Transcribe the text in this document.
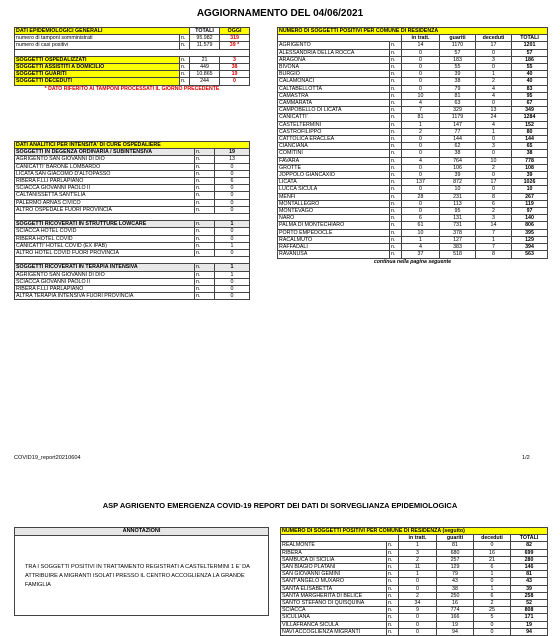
AGGIORNAMENTO DEL 04/06/2021
DATI EPIDEMIOLOGICI GENERALI		TOTALI	OGGI
numero di tamponi somministrati	n.	95.982	319
numero di casi positivi	n.	11.579	39 *

SOGGETTI OSPEDALIZZATI	n.	21	3
SOGGETTI ASSISTITI A DOMICILIO	n.	449	38
SOGGETTI GUARITI	n.	10.865	19
SOGGETTI DECEDUTI	n.	244	0
* DATO RIFERITO AI TAMPONI PROCESSATI IL GIORNO PRECEDENTE			
DATI ANALITICI PER INTENSITA' DI CURE OSPEDALIERE		
SOGGETTI IN DEGENZA ORDINARIA / SUBINTENSIVA	n.	19
AGRIGENTO SAN GIOVANNI DI DIO	n.	13
CANICATTI' BARONE LOMBARDO	n.	0
LICATA SAN GIACOMO D'ALTOPASSO	n.	0
RIBERA F.LLI PARLAPIANO	n.	6
SCIACCA GIOVANNI PAOLO II	n.	0
CALTANISSETTA SANT'ELIA	n.	0
PALERMO ARNAS CIVICO	n.	0
ALTRO OSPEDALE FUORI PROVINCIA	n.	0

SOGGETTI RICOVERATI IN STRUTTURE LOWCARE	n.	1
SCIACCA HOTEL COVID	n.	0
RIBERA HOTEL COVID	n.	0
CANICATTI' HOTEL COVID (EX IPAB)	n.	1
ALTRO HOTEL COVID FUORI PROVINCIA	n.	0

SOGGETTI RICOVERATI IN TERAPIA INTENSIVA	n.	1
AGRIGENTO SAN GIOVANNI DI DIO	n.	1
SCIACCA GIOVANNI PAOLO II	n.	0
RIBERA F.LLI PARLAPIANO	n.	0
ALTRA TERAPIA INTENSIVA FUORI PROVINCIA	n.	0
NUMERO DI SOGGETTI POSITIVI PER COMUNE DI RESIDENZA					
		in tratt.	guariti	deceduti	TOTALI
AGRIGENTO	n.	14	1170	17	1201
ALESSANDRIA DELLA ROCCA	n.	0	57	0	57
ARAGONA	n.	0	183	3	186
BIVONA	n.	0	55	0	55
BURGIO	n.	0	39	1	40
CALAMONACI	n.	0	38	2	40
CALTABELLOTTA	n.	0	79	4	83
CAMASTRA	n.	10	81	4	95
CAMMARATA	n.	4	63	0	67
CAMPOBELLO DI LICATA	n.	7	329	13	349
CANICATTI'	n.	81	1179	24	1284
CASTELTERMINI	n.	1	147	4	152
CASTROFILIPPO	n.	2	77	1	80
CATTOLICA ERACLEA	n.	0	144	0	144
CIANCIANA	n.	0	62	3	65
COMITINI	n.	0	38	0	38
FAVARA	n.	4	764	10	778
GROTTE	n.	0	106	2	108
JOPPOLO GIANCAXIO	n.	0	39	0	39
LICATA	n.	137	872	17	1026
LUCCA SICULA	n.	0	10	0	10
MENFI	n.	28	231	8	267
MONTALLEGRO	n.	0	113	6	119
MONTEVAGO	n.	0	95	2	97
NARO	n.	6	131	3	140
PALMA DI MONTECHIARO	n.	61	731	14	806
PORTO EMPEDOCLE	n.	10	378	7	395
RACALMUTO	n.	1	127	1	129
RAFFADALI	n.	4	383	7	394
RAVANUSA	n.	37	518	8	563
continua nella pagina seguente					
COVID19_report20210604	1/2
ASP AGRIGENTO EMERGENZA COVID-19 REPORT DEI DATI DI SORVEGLIANZA EPIDEMIOLOGICA
ANNOTAZIONI
TRA I SOGGETTI POSITIVI IN TRATTAMENTO REGISTRATI A CASTELTERMINI 1 E' DA ATTRIBUIRE A MIGRANTI ISOLATI PRESSO IL CENTRO ACCOGLIENZA LA GRANDE FAMIGLIA
NUMERO DI SOGGETTI POSITIVI PER COMUNE DI RESIDENZA (seguito)					
		in tratt.	guariti	deceduti	TOTALI
REALMONTE	n.	1	81	0	82
RIBERA	n.	3	680	16	699
SAMBUCA DI SICILIA	n.	2	257	21	280
SAN BIAGIO PLATANI	n.	11	129	6	146
SAN GIOVANNI GEMINI	n.	1	79	1	81
SANT'ANGELO MUXARO	n.	0	43	0	43
SANTA ELISABETTA	n.	0	38	1	39
SANTA MARGHERITA DI BELICE	n.	2	250	6	258
SANTO STEFANO DI QUISQUINA	n.	34	16	2	52
SCIACCA	n.	9	774	25	808
SICULIANA	n.	0	166	5	171
VILLAFRANCA SICULA	n.	0	19	0	19
NAVI ACCOGLIENZA MIGRANTI	n.	0	94	0	94
